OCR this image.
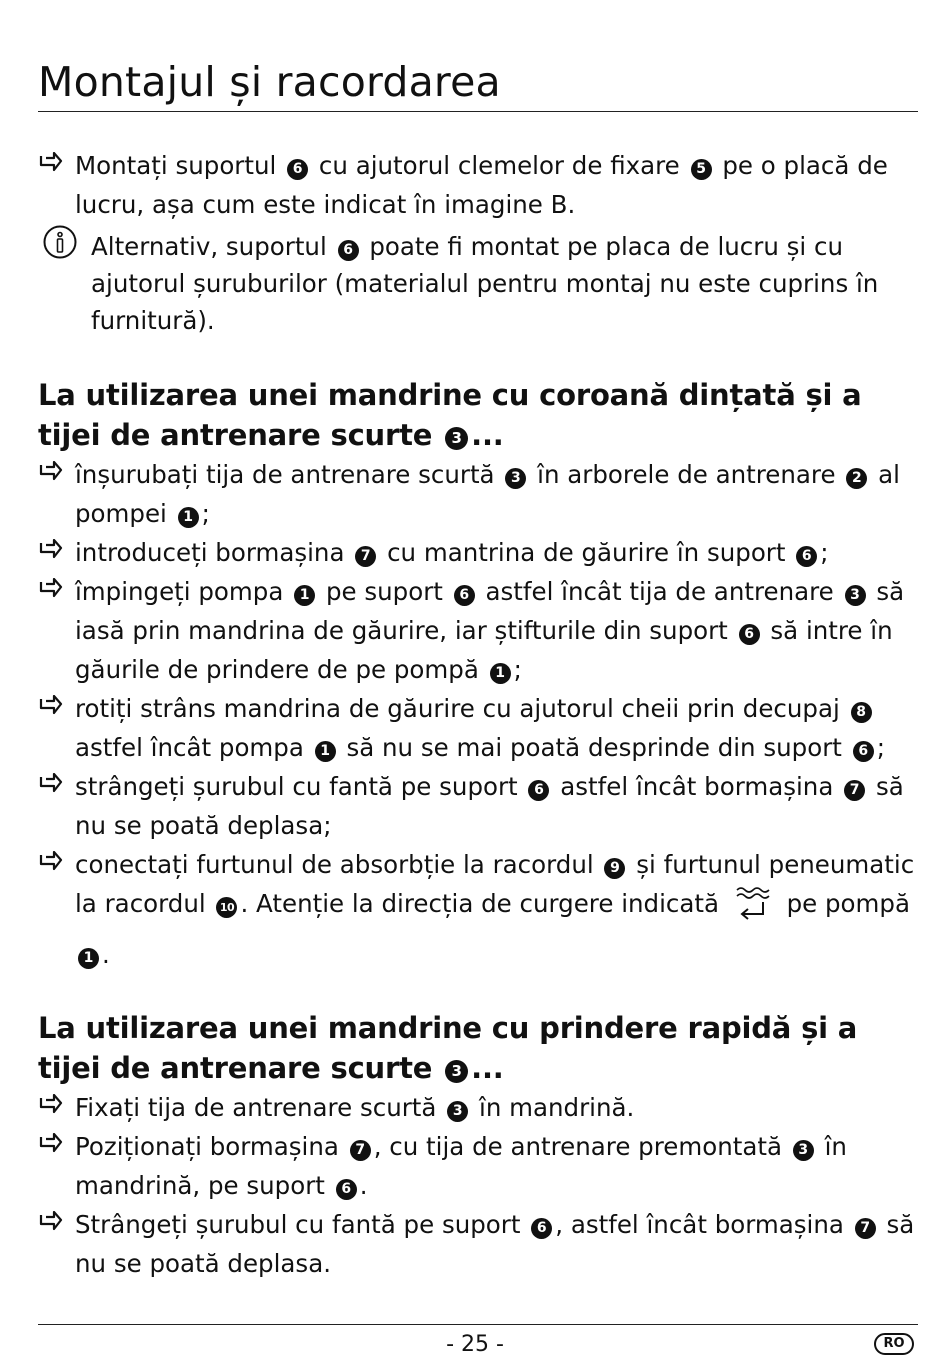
Montajul și racordarea
Montați suportul 6 cu ajutorul clemelor de fixare 5 pe o placă de lucru, așa cum este indicat în imagine B.
Alternativ, suportul 6 poate fi montat pe placa de lucru și cu ajutorul șuruburilor (materialul pentru montaj nu este cuprins în furnitură).
La utilizarea unei mandrine cu coroană dințată și a tijei de antrenare scurte 3 ...
înșurubați tija de antrenare scurtă 3 în arborele de antrenare 2 al pompei 1 ;
introduceți bormașina 7 cu mantrina de găurire în suport 6 ;
împingeți pompa 1 pe suport 6 astfel încât tija de antrenare 3 să iasă prin mandrina de găurire, iar știfturile din suport 6 să intre în găurile de prindere de pe pompă 1 ;
rotiți strâns mandrina de găurire cu ajutorul cheii prin decupaj 8 astfel încât pompa 1 să nu se mai poată desprinde din suport 6 ;
strângeți șurubul cu fantă pe suport 6 astfel încât bormașina 7 să nu se poată deplasa;
conectați furtunul de absorbție la racordul 9 și furtunul peneumatic la racordul 10 . Atenție la direcția de curgere indicată	pe pompă 1 .
La utilizarea unei mandrine cu prindere rapidă și a tijei de antrenare scurte 3 ...
Fixați tija de antrenare scurtă 3 în mandrină.
Poziționați bormașina 7 , cu tija de antrenare premontată 3 în mandrină, pe suport 6 .
Strângeți șurubul cu fantă pe suport 6 , astfel încât bormașina 7 să nu se poată deplasa.
- 25 -	RO
